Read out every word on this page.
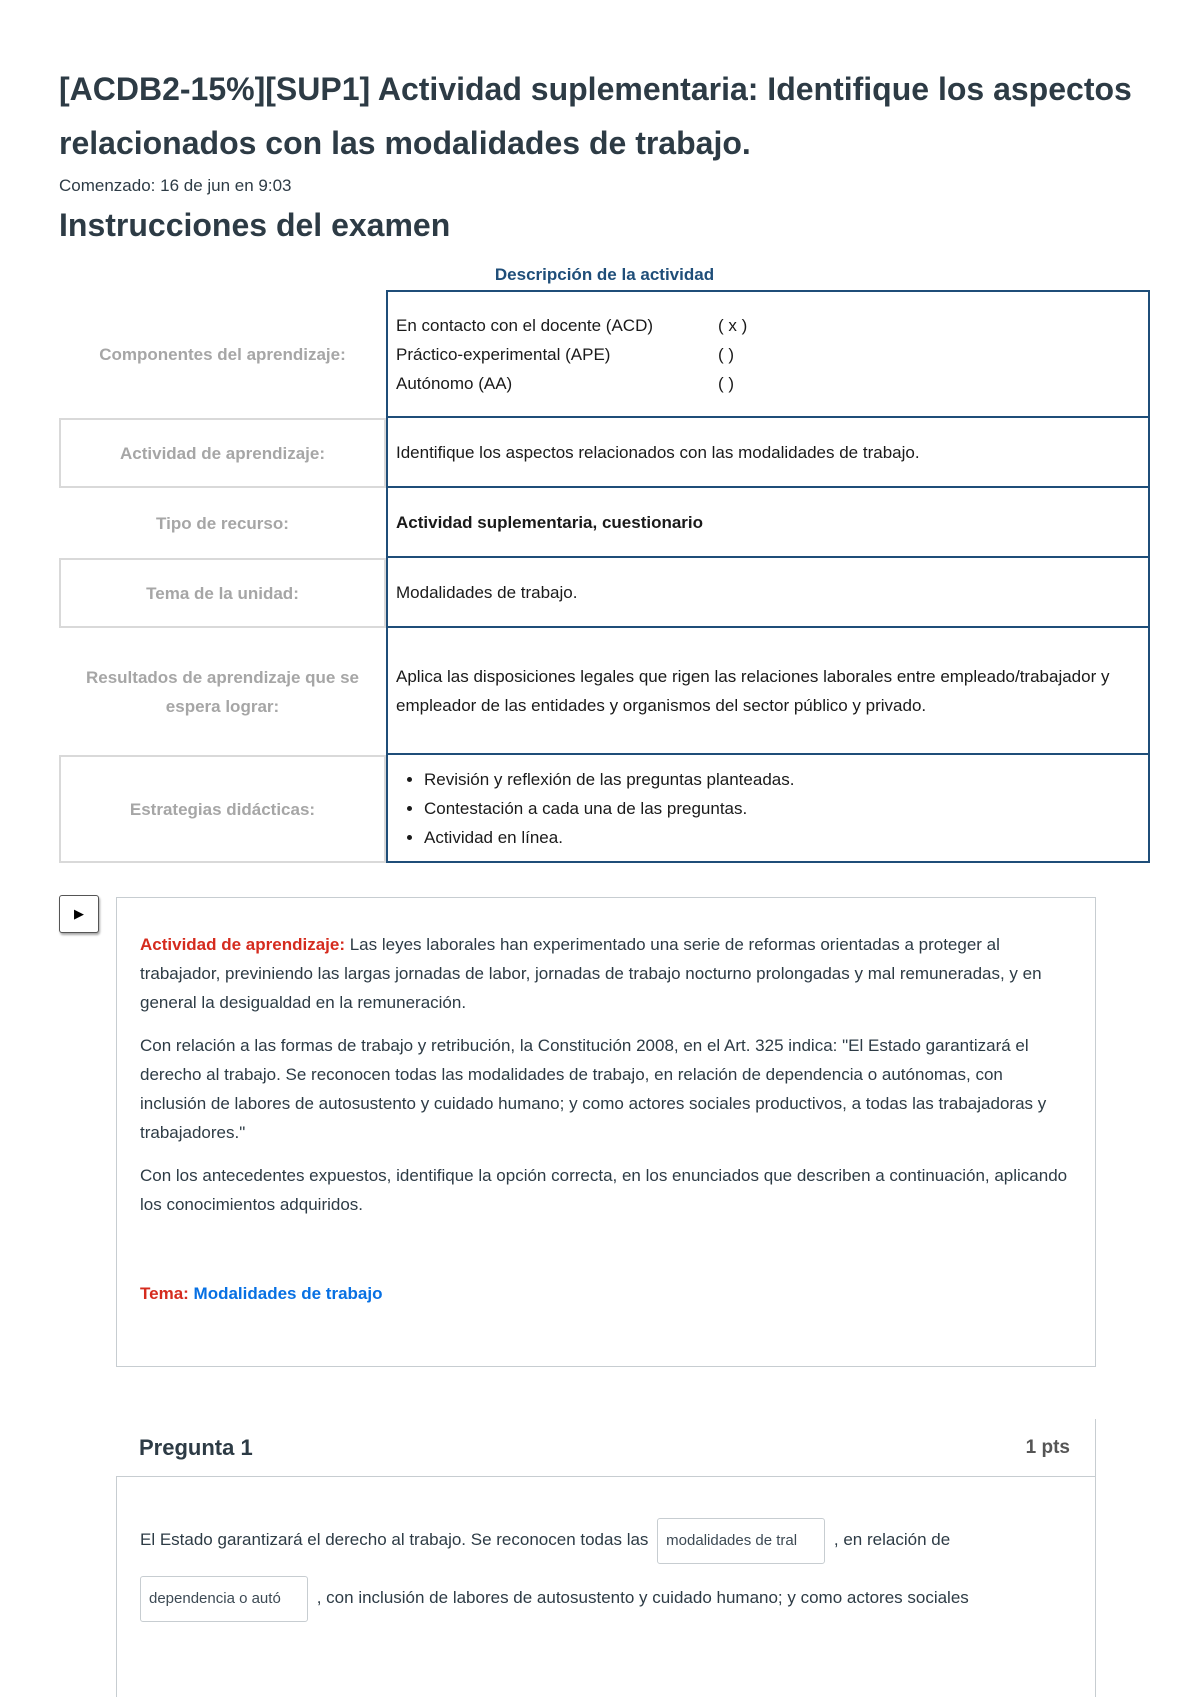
[ACDB2-15%][SUP1] Actividad suplementaria: Identifique los aspectos relacionados con las modalidades de trabajo.
Comenzado: 16 de jun en 9:03
Instrucciones del examen
Descripción de la actividad
Componentes del aprendizaje:
En contacto con el docente (ACD)	( x )
Práctico-experimental (APE)	( )
Autónomo (AA)	( )
Actividad de aprendizaje:	Identifique los aspectos relacionados con las modalidades de trabajo.
Tipo de recurso:	Actividad suplementaria, cuestionario
Tema de la unidad:	Modalidades de trabajo.
Resultados de aprendizaje que se espera lograr:
Aplica las disposiciones legales que rigen las relaciones laborales entre empleado/trabajador y empleador de las entidades y organismos del sector público y privado.
Estrategias didácticas:
• Revisión y reflexión de las preguntas planteadas.
• Contestación a cada una de las preguntas.
• Actividad en línea.
▶

Actividad de aprendizaje: Las leyes laborales han experimentado una serie de reformas orientadas a proteger al trabajador, previniendo las largas jornadas de labor, jornadas de trabajo nocturno prolongadas y mal remuneradas, y en general la desigualdad en la remuneración.

Con relación a las formas de trabajo y retribución, la Constitución 2008, en el Art. 325 indica: "El Estado garantizará el derecho al trabajo. Se reconocen todas las modalidades de trabajo, en relación de dependencia o autónomas, con inclusión de labores de autosustento y cuidado humano; y como actores sociales productivos, a todas las trabajadoras y trabajadores."

Con los antecedentes expuestos, identifique la opción correcta, en los enunciados que describen a continuación, aplicando los conocimientos adquiridos.

Tema: Modalidades de trabajo

Pregunta 1	1 pts
El Estado garantizará el derecho al trabajo. Se reconocen todas las modalidades de tral , en relación de
dependencia o autó , con inclusión de labores de autosustento y cuidado humano; y como actores sociales
